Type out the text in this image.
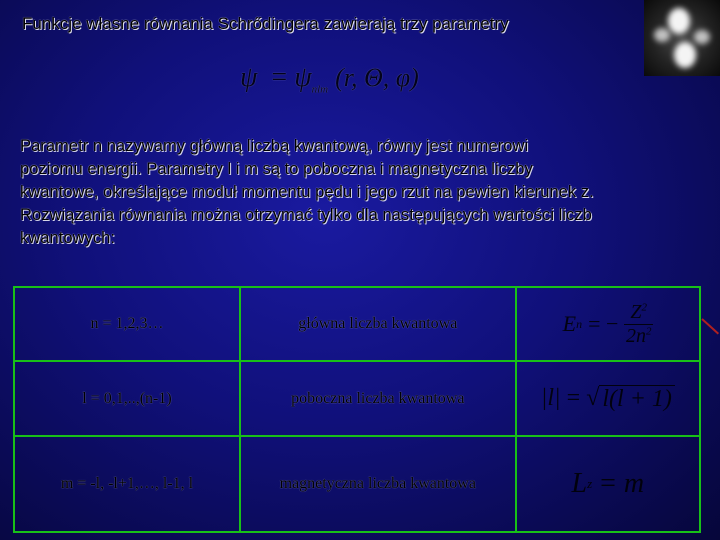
Funkcje własne równania Schrődingera zawierają trzy parametry
$\psi = \psi_{nlm}$ (r, Θ, φ)
Parametr n nazywamy główną liczbą kwantową, równy jest numerowi
poziomu energii. Parametry l i m są to poboczna i magnetyczna liczby
kwantowe, określające moduł momentu pędu i jego rzut na pewien kierunek z.
Rozwiązania równania można otrzymać tylko dla następujących wartości liczb
kwantowych:
n = 1,2,3…	główna liczba kwantowa	E n = − $\frac{Z^2}{2n^2}$

l = 0,1,..,(n-1)	poboczna liczba kwantowa	|l| = √ l(l + 1)

m = -l, -l+1,…, l-1, l	magnetyczna liczba kwantowa	L z = m
